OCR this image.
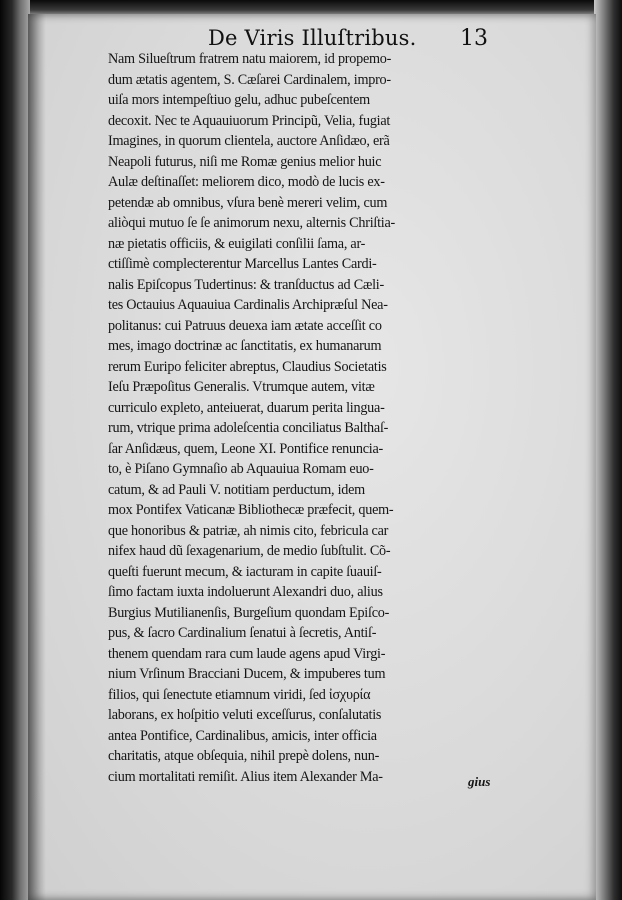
De Viris Illuſtribus. 13
Nam Silueſtrum fratrem natu maiorem, id propemo-
dum ætatis agentem, S. Cæſarei Cardinalem, impro-
uiſa mors intempeſtiuo gelu, adhuc pubeſcentem
decoxit. Nec te Aquauiuorum Principũ, Velia, fugiat
Imagines, in quorum clientela, auctore Anſidæo, erã
Neapoli futurus, niſi me Romæ genius melior huic
Aulæ deſtinaſſet: meliorem dico, modò de lucis ex-
petendæ ab omnibus, vſura benè mereri velim, cum
aliòqui mutuo ſe ſe animorum nexu, alternis Chriſtia-
næ pietatis officiis, & euigilati conſilii ſama, ar-
ctiſſimè complecterentur Marcellus Lantes Cardi-
nalis Epiſcopus Tudertinus: & tranſductus ad Cæli-
tes Octauius Aquauiua Cardinalis Archipræſul Nea-
politanus: cui Patruus deuexa iam ætate acceſſit co
mes, imago doctrinæ ac ſanctitatis, ex humanarum
rerum Euripo feliciter abreptus, Claudius Societatis
Ieſu Præpoſitus Generalis. Vtrumque autem, vitæ
curriculo expleto, anteiuerat, duarum perita lingua-
rum, vtrique prima adoleſcentia conciliatus Balthaſ-
ſar Anſidæus, quem, Leone XI. Pontifice renuncia-
to, è Piſano Gymnaſio ab Aquauiua Romam euo-
catum, & ad Pauli V. notitiam perductum, idem
mox Pontifex Vaticanæ Bibliothecæ præfecit, quem-
que honoribus & patriæ, ah nimis cito, febricula car
nifex haud dũ ſexagenarium, de medio ſubſtulit. Cõ-
queſti fuerunt mecum, & iacturam in capite ſuauiſ-
ſimo factam iuxta indoluerunt Alexandri duo, alius
Burgius Mutilianenſis, Burgeſium quondam Epiſco-
pus, & ſacro Cardinalium ſenatui à ſecretis, Antiſ-
thenem quendam rara cum laude agens apud Virgi-
nium Vrſinum Bracciani Ducem, & impuberes tum
filios, qui ſenectute etiamnum viridi, ſed ἰσχυρία
laborans, ex hoſpitio veluti exceſſurus, conſalutatis
antea Pontifice, Cardinalibus, amicis, inter officia
charitatis, atque obſequia, nihil prepè dolens, nun-
cium mortalitati remiſit. Alius item Alexander Ma-	gius
